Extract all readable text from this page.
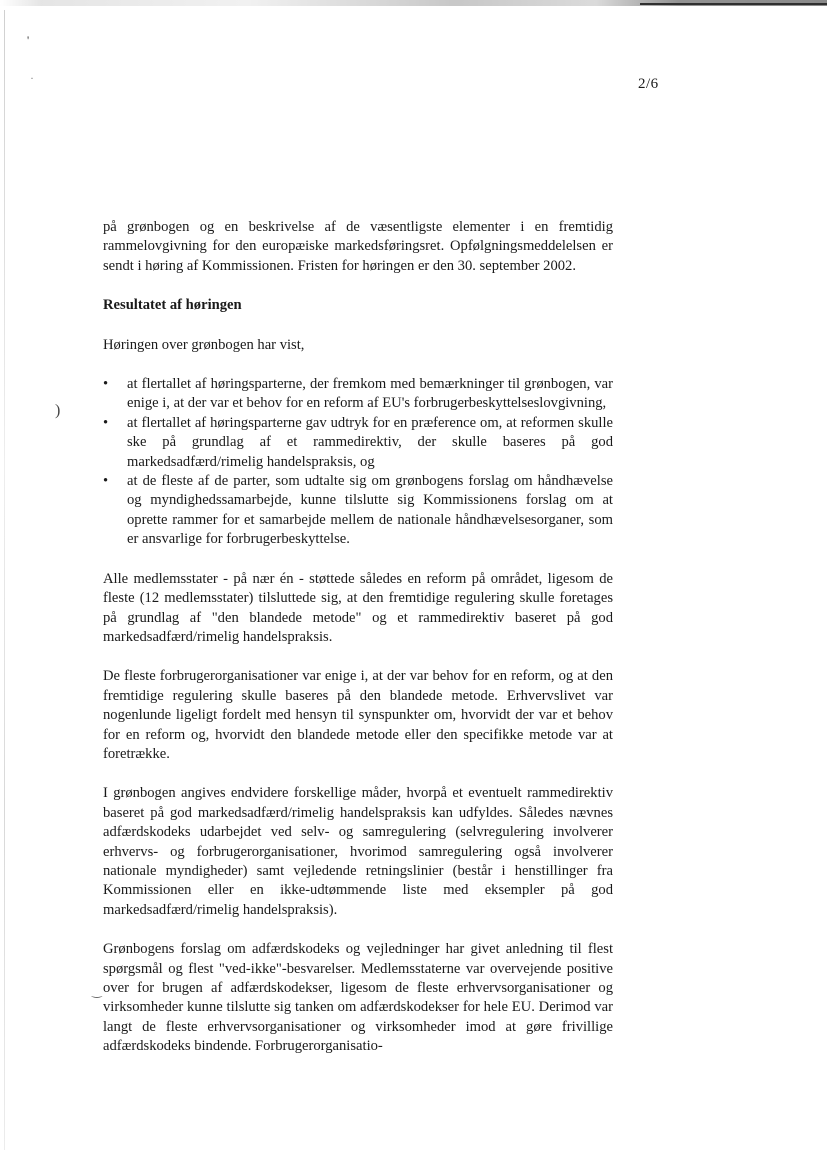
'
·
)
‿
2/6

på grønbogen og en beskrivelse af de væsentligste elementer i en fremtidig rammelovgivning for den europæiske markedsføringsret. Opfølgningsmeddelelsen er sendt i høring af Kommissionen. Fristen for høringen er den 30. september 2002.

Resultatet af høringen

Høringen over grønbogen har vist,

• at flertallet af høringsparterne, der fremkom med bemærkninger til grønbogen, var enige i, at der var et behov for en reform af EU's forbrugerbeskyttelseslovgivning,
• at flertallet af høringsparterne gav udtryk for en præference om, at reformen skulle ske på grundlag af et rammedirektiv, der skulle baseres på god markedsadfærd/rimelig handelspraksis, og
• at de fleste af de parter, som udtalte sig om grønbogens forslag om håndhævelse og myndighedssamarbejde, kunne tilslutte sig Kommissionens forslag om at oprette rammer for et samarbejde mellem de nationale håndhævelsesorganer, som er ansvarlige for forbrugerbeskyttelse.

Alle medlemsstater - på nær én - støttede således en reform på området, ligesom de fleste (12 medlemsstater) tilsluttede sig, at den fremtidige regulering skulle foretages på grundlag af "den blandede metode" og et rammedirektiv baseret på god markedsadfærd/rimelig handelspraksis.

De fleste forbrugerorganisationer var enige i, at der var behov for en reform, og at den fremtidige regulering skulle baseres på den blandede metode. Erhvervslivet var nogenlunde ligeligt fordelt med hensyn til synspunkter om, hvorvidt der var et behov for en reform og, hvorvidt den blandede metode eller den specifikke metode var at foretrække.

I grønbogen angives endvidere forskellige måder, hvorpå et eventuelt rammedirektiv baseret på god markedsadfærd/rimelig handelspraksis kan udfyldes. Således nævnes adfærdskodeks udarbejdet ved selv- og samregulering (selvregulering involverer erhvervs- og forbrugerorganisationer, hvorimod samregulering også involverer nationale myndigheder) samt vejledende retningslinier (består i henstillinger fra Kommissionen eller en ikke-udtømmende liste med eksempler på god markedsadfærd/rimelig handelspraksis).

Grønbogens forslag om adfærdskodeks og vejledninger har givet anledning til flest spørgsmål og flest "ved-ikke"-besvarelser. Medlemsstaterne var overvejende positive over for brugen af adfærdskodekser, ligesom de fleste erhvervsorganisationer og virksomheder kunne tilslutte sig tanken om adfærdskodekser for hele EU. Derimod var langt de fleste erhvervsorganisationer og virksomheder imod at gøre frivillige adfærdskodeks bindende. Forbrugerorganisatio-
